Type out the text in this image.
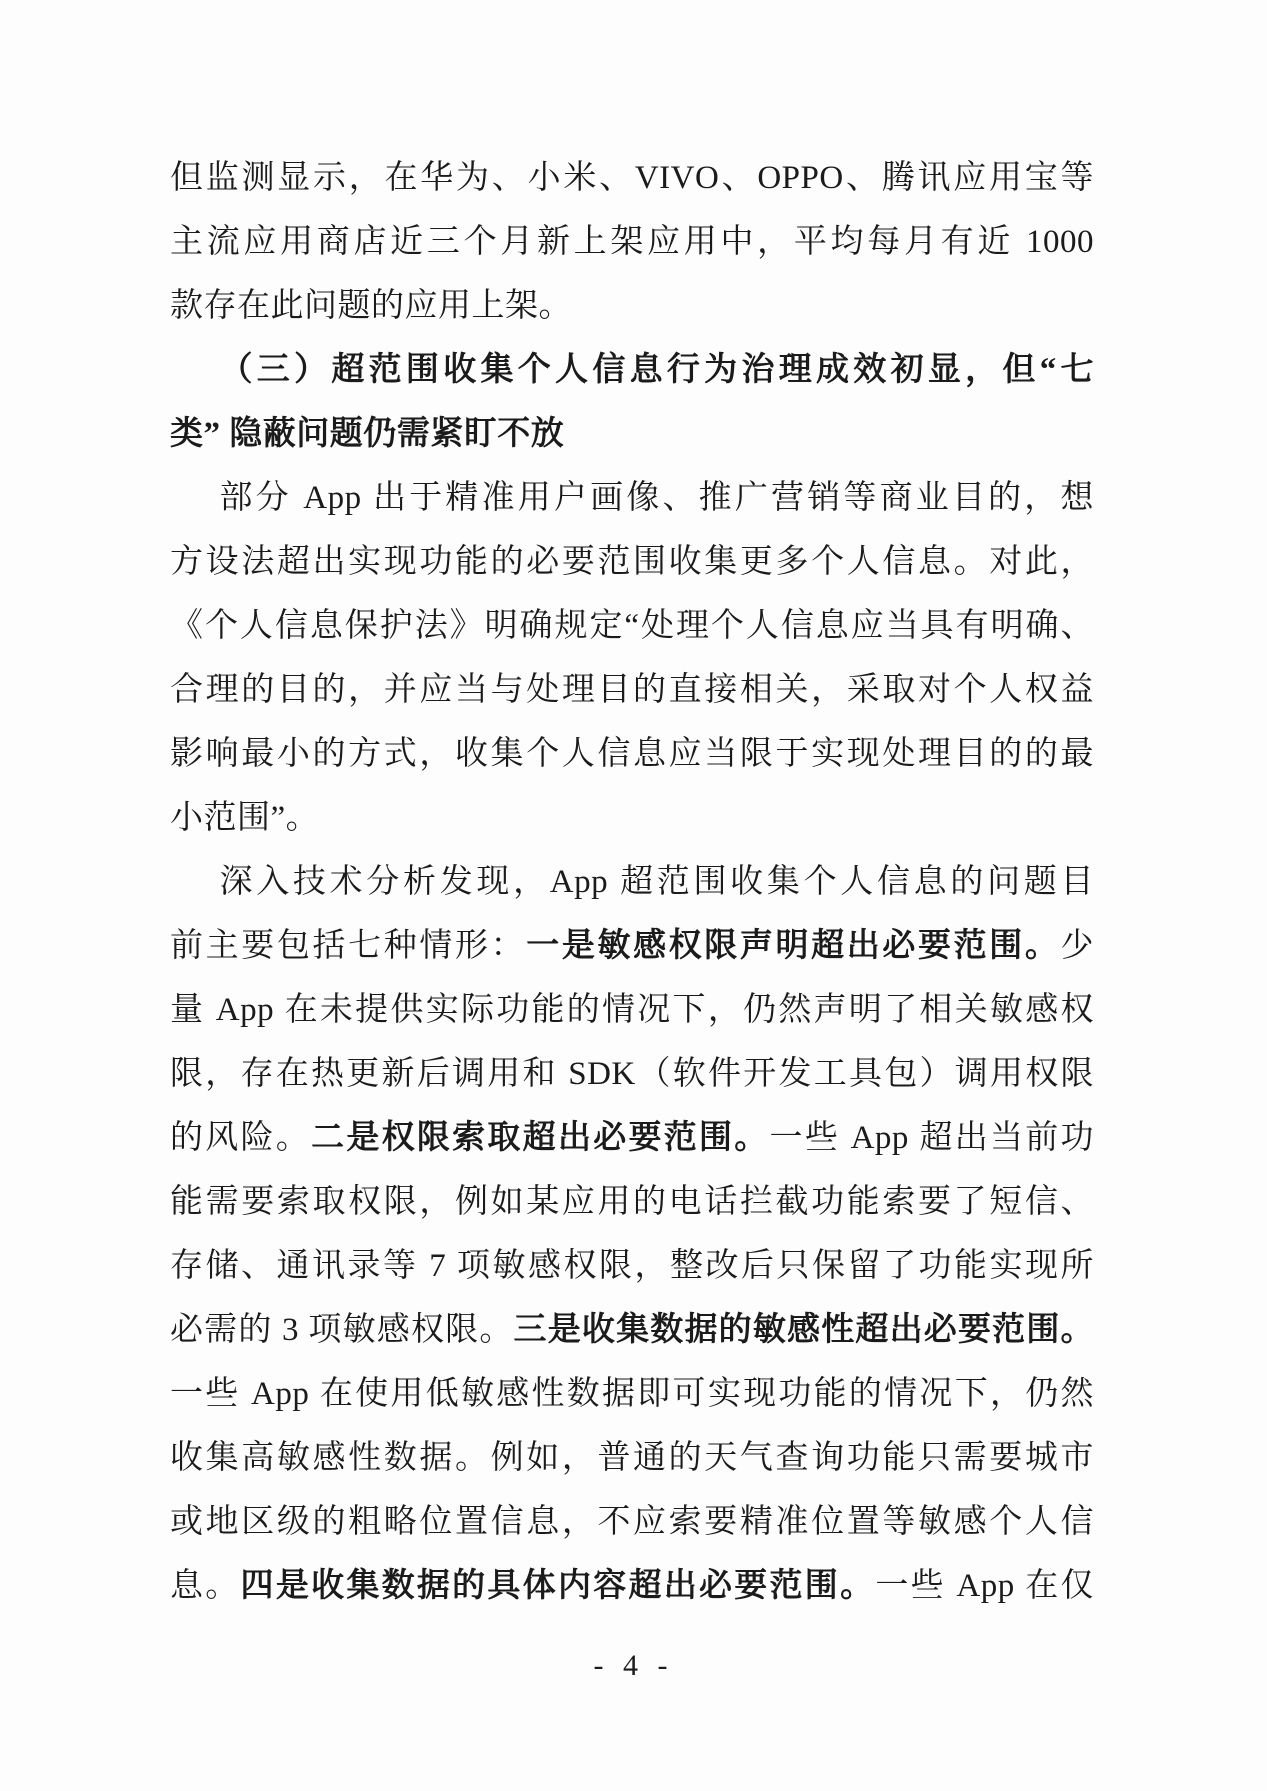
但监测显示，在华为、小米、VIVO、OPPO、腾讯应用宝等
主流应用商店近三个月新上架应用中，平均每月有近 1000
款存在此问题的应用上架。
（三）超范围收集个人信息行为治理成效初显，但“七
类” 隐蔽问题仍需紧盯不放
部分 App 出于精准用户画像、推广营销等商业目的，想
方设法超出实现功能的必要范围收集更多个人信息。对此，
《个人信息保护法》明确规定“处理个人信息应当具有明确、
合理的目的，并应当与处理目的直接相关，采取对个人权益
影响最小的方式，收集个人信息应当限于实现处理目的的最
小范围”。
深入技术分析发现，App 超范围收集个人信息的问题目
前主要包括七种情形：一是敏感权限声明超出必要范围。少
量 App 在未提供实际功能的情况下，仍然声明了相关敏感权
限，存在热更新后调用和 SDK（软件开发工具包）调用权限
的风险。二是权限索取超出必要范围。一些 App 超出当前功
能需要索取权限，例如某应用的电话拦截功能索要了短信、
存储、通讯录等 7 项敏感权限，整改后只保留了功能实现所
必需的 3 项敏感权限。三是收集数据的敏感性超出必要范围。
一些 App 在使用低敏感性数据即可实现功能的情况下，仍然
收集高敏感性数据。例如，普通的天气查询功能只需要城市
或地区级的粗略位置信息，不应索要精准位置等敏感个人信
息。四是收集数据的具体内容超出必要范围。一些 App 在仅
- 4 -
